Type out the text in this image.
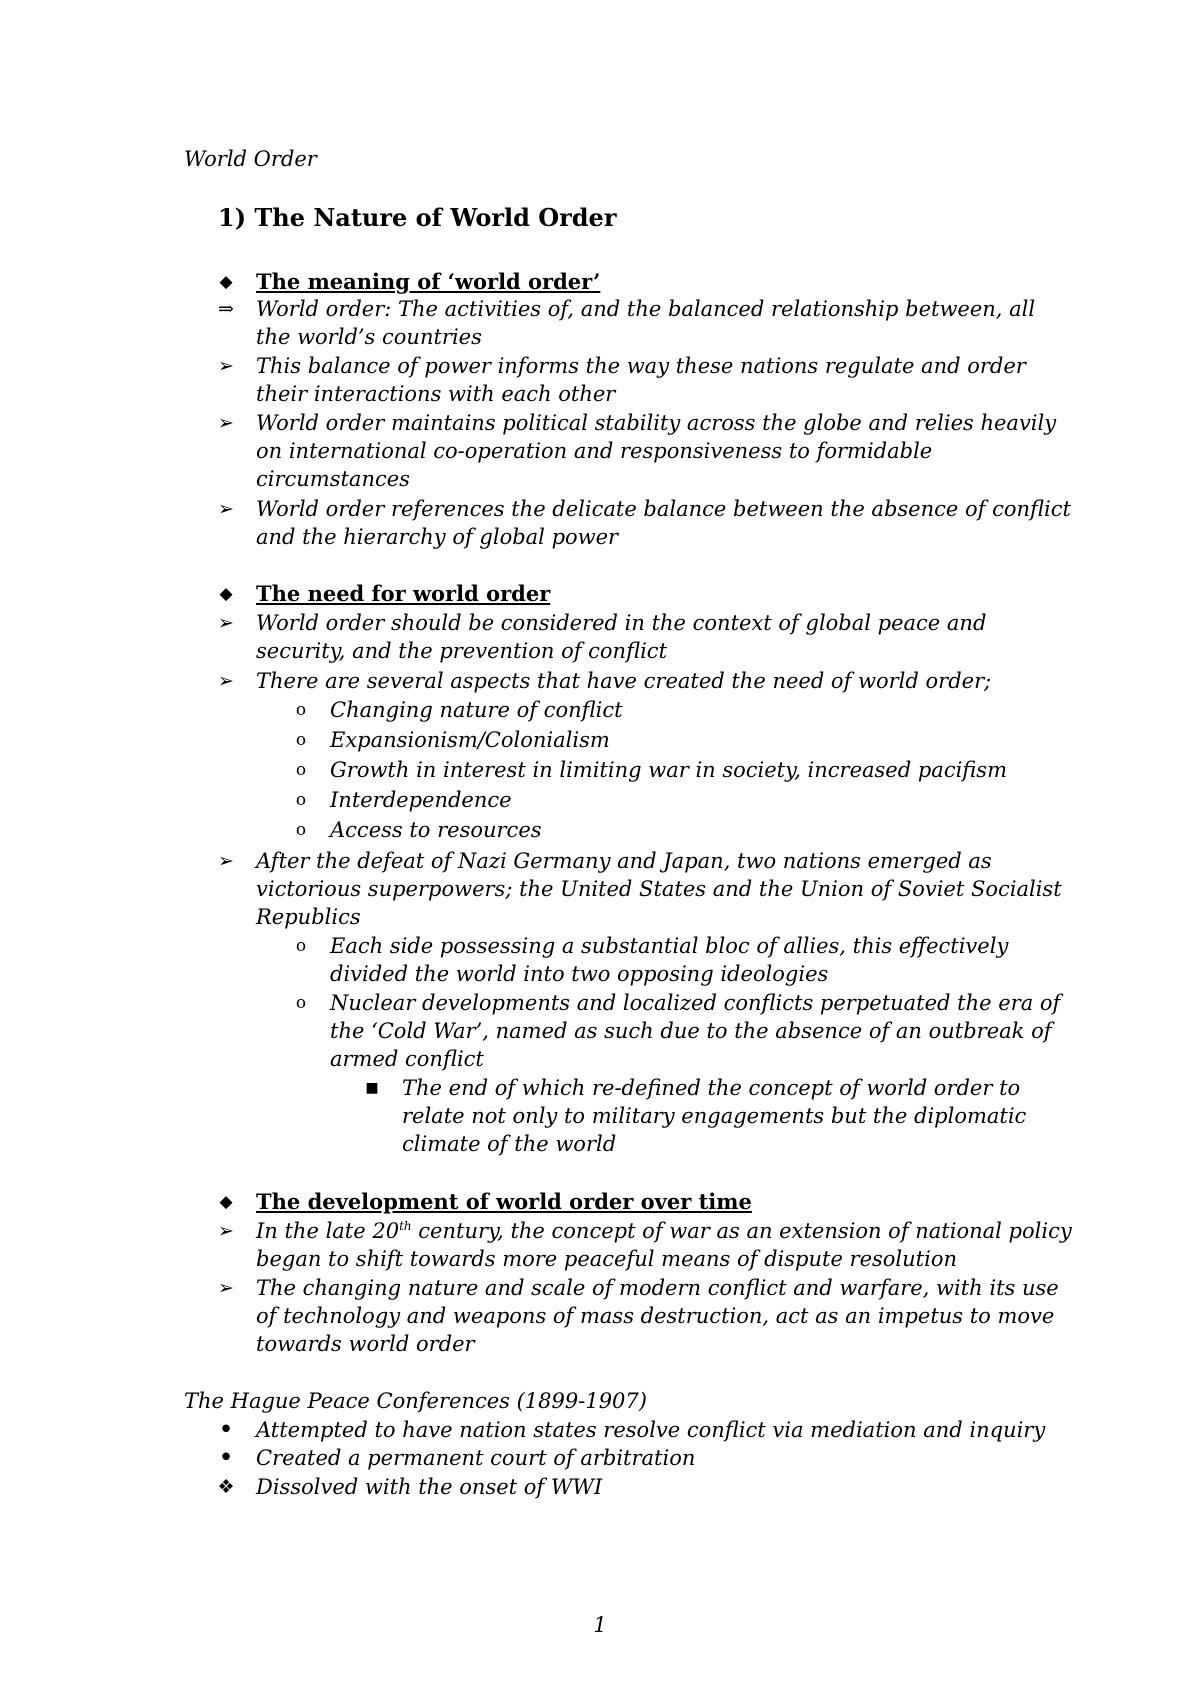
World Order
1) The Nature of World Order
◆	The meaning of ‘world order’
⇒ World order: The activities of, and the balanced relationship between, all
the world’s countries
➢ This balance of power informs the way these nations regulate and order
their interactions with each other
➢ World order maintains political stability across the globe and relies heavily
on international co-operation and responsiveness to formidable
circumstances
➢ World order references the delicate balance between the absence of conflict
and the hierarchy of global power
◆	The need for world order
➢ World order should be considered in the context of global peace and
security, and the prevention of conflict
➢ There are several aspects that have created the need of world order;
o	Changing nature of conflict
o	Expansionism/Colonialism
o	Growth in interest in limiting war in society, increased pacifism
o	Interdependence
o	Access to resources
➢ After the defeat of Nazi Germany and Japan, two nations emerged as
victorious superpowers; the United States and the Union of Soviet Socialist
Republics
o	Each side possessing a substantial bloc of allies, this effectively
divided the world into two opposing ideologies
o	Nuclear developments and localized conflicts perpetuated the era of
the ‘Cold War’, named as such due to the absence of an outbreak of
armed conflict
■	The end of which re-defined the concept of world order to
relate not only to military engagements but the diplomatic
climate of the world
◆	The development of world order over time
➢ In the late 20th century, the concept of war as an extension of national policy
began to shift towards more peaceful means of dispute resolution
➢ The changing nature and scale of modern conflict and warfare, with its use
of technology and weapons of mass destruction, act as an impetus to move
towards world order
The Hague Peace Conferences (1899-1907)
• Attempted to have nation states resolve conflict via mediation and inquiry
• Created a permanent court of arbitration
❖ Dissolved with the onset of WWI
1
